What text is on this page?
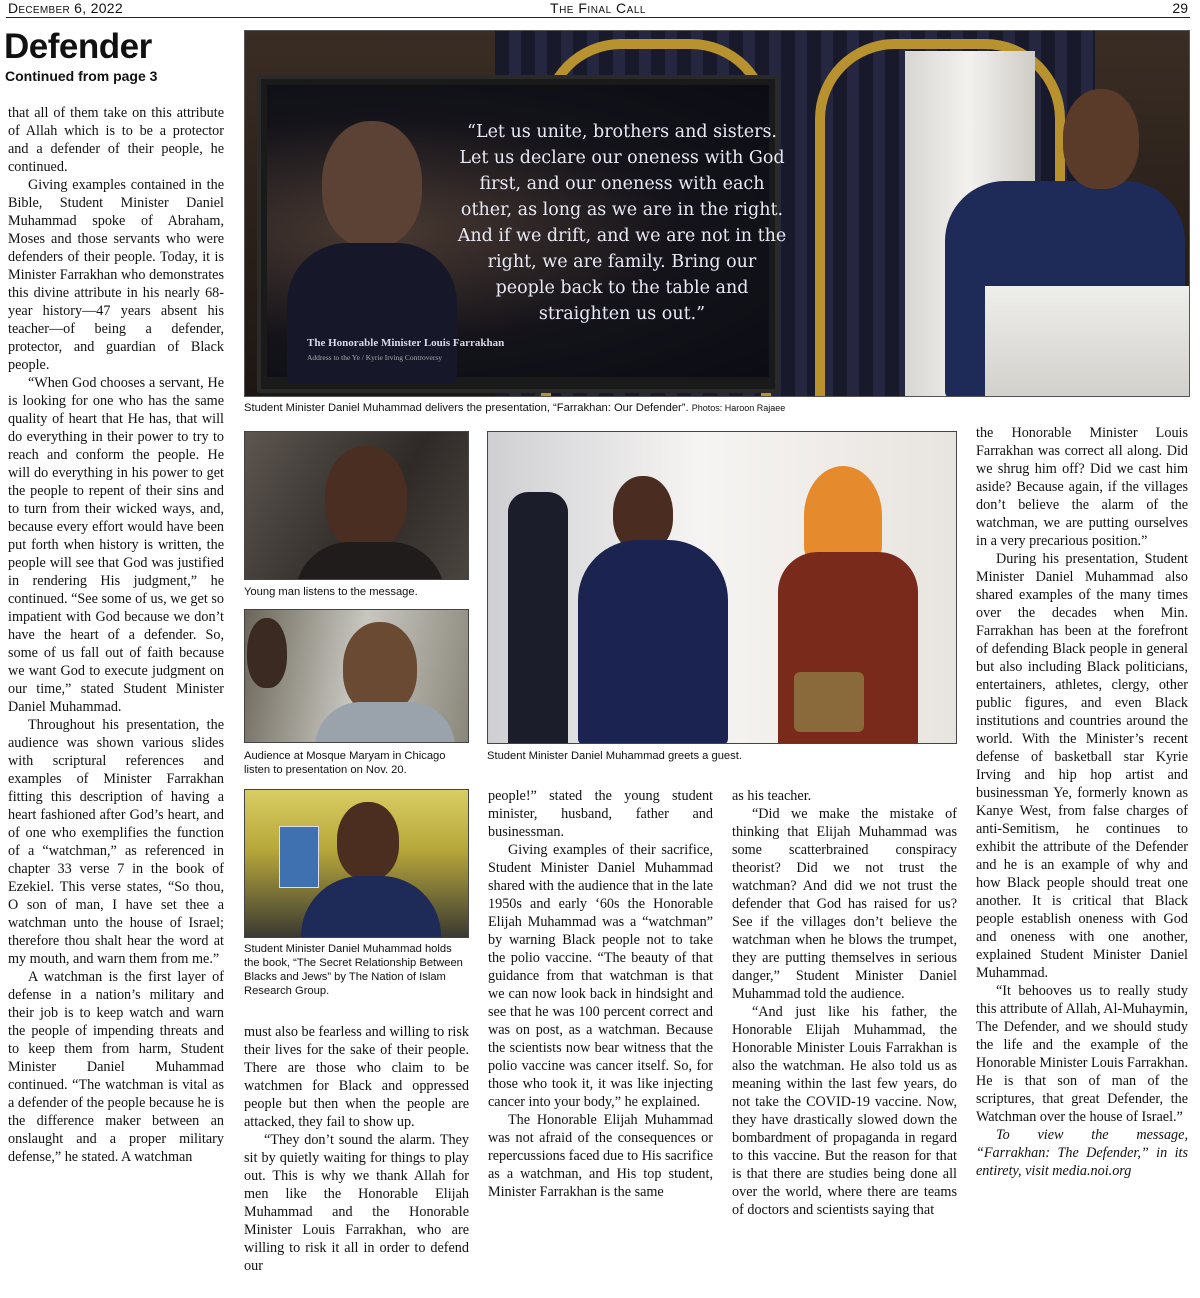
December 6, 2022	The Final Call	29
Defender
Continued from page 3
“Let us unite, brothers and sisters. Let us declare our oneness with God first, and our oneness with each other, as long as we are in the right. And if we drift, and we are not in the right, we are family. Bring our people back to the table and straighten us out.”
The Honorable Minister Louis Farrakhan
Address to the Ye / Kyrie Irving Controversy
Student Minister Daniel Muhammad delivers the presentation, “Farrakhan: Our Defender”. Photos: Haroon Rajaee
Young man listens to the message.
Audience at Mosque Maryam in Chicago listen to presentation on Nov. 20.
Student Minister Daniel Muhammad holds the book, “The Secret Relationship Between Blacks and Jews” by The Nation of Islam Research Group.
Student Minister Daniel Muhammad greets a guest.

that all of them take on this attribute of Allah which is to be a protector and a defender of their people, he continued.

Giving examples contained in the Bible, Student Minister Daniel Muhammad spoke of Abraham, Moses and those servants who were defenders of their people. Today, it is Minister Farrakhan who demonstrates this divine attribute in his nearly 68-year history—47 years absent his teacher—of being a defender, protector, and guardian of Black people.

“When God chooses a servant, He is looking for one who has the same quality of heart that He has, that will do everything in their power to try to reach and conform the people. He will do everything in his power to get the people to repent of their sins and to turn from their wicked ways, and, because every effort would have been put forth when history is written, the people will see that God was justified in rendering His judgment,” he continued. “See some of us, we get so impatient with God because we don’t have the heart of a defender. So, some of us fall out of faith because we want God to execute judgment on our time,” stated Student Minister Daniel Muhammad.

Throughout his presentation, the audience was shown various slides with scriptural references and examples of Minister Farrakhan fitting this description of having a heart fashioned after God’s heart, and of one who exemplifies the function of a “watchman,” as referenced in chapter 33 verse 7 in the book of Ezekiel. This verse states, “So thou, O son of man, I have set thee a watchman unto the house of Israel; therefore thou shalt hear the word at my mouth, and warn them from me.”

A watchman is the first layer of defense in a nation’s military and their job is to keep watch and warn the people of impending threats and to keep them from harm, Student Minister Daniel Muhammad continued. “The watchman is vital as a defender of the people because he is the difference maker between an onslaught and a proper military defense,” he stated. A watchman

must also be fearless and willing to risk their lives for the sake of their people. There are those who claim to be watchmen for Black and oppressed people but then when the people are attacked, they fail to show up.

“They don’t sound the alarm. They sit by quietly waiting for things to play out. This is why we thank Allah for men like the Honorable Elijah Muhammad and the Honorable Minister Louis Farrakhan, who are willing to risk it all in order to defend our

people!” stated the young student minister, husband, father and businessman.

Giving examples of their sacrifice, Student Minister Daniel Muhammad shared with the audience that in the late 1950s and early ‘60s the Honorable Elijah Muhammad was a “watchman” by warning Black people not to take the polio vaccine. “The beauty of that guidance from that watchman is that we can now look back in hindsight and see that he was 100 percent correct and was on post, as a watchman. Because the scientists now bear witness that the polio vaccine was cancer itself. So, for those who took it, it was like injecting cancer into your body,” he explained.

The Honorable Elijah Muhammad was not afraid of the consequences or repercussions faced due to His sacrifice as a watchman, and His top student, Minister Farrakhan is the same

as his teacher.

“Did we make the mistake of thinking that Elijah Muhammad was some scatterbrained conspiracy theorist? Did we not trust the watchman? And did we not trust the defender that God has raised for us? See if the villages don’t believe the watchman when he blows the trumpet, they are putting themselves in serious danger,” Student Minister Daniel Muhammad told the audience.

“And just like his father, the Honorable Elijah Muhammad, the Honorable Minister Louis Farrakhan is also the watchman. He also told us as meaning within the last few years, do not take the COVID-19 vaccine. Now, they have drastically slowed down the bombardment of propaganda in regard to this vaccine. But the reason for that is that there are studies being done all over the world, where there are teams of doctors and scientists saying that

the Honorable Minister Louis Farrakhan was correct all along. Did we shrug him off? Did we cast him aside? Because again, if the villages don’t believe the alarm of the watchman, we are putting ourselves in a very precarious position.”

During his presentation, Student Minister Daniel Muhammad also shared examples of the many times over the decades when Min. Farrakhan has been at the forefront of defending Black people in general but also including Black politicians, entertainers, athletes, clergy, other public figures, and even Black institutions and countries around the world. With the Minister’s recent defense of basketball star Kyrie Irving and hip hop artist and businessman Ye, formerly known as Kanye West, from false charges of anti-Semitism, he continues to exhibit the attribute of the Defender and he is an example of why and how Black people should treat one another. It is critical that Black people establish oneness with God and oneness with one another, explained Student Minister Daniel Muhammad.

“It behooves us to really study this attribute of Allah, Al-Muhaymin, The Defender, and we should study the life and the example of the Honorable Minister Louis Farrakhan. He is that son of man of the scriptures, that great Defender, the Watchman over the house of Israel.”

To view the message, “Farrakhan: The Defender,” in its entirety, visit media.noi.org
